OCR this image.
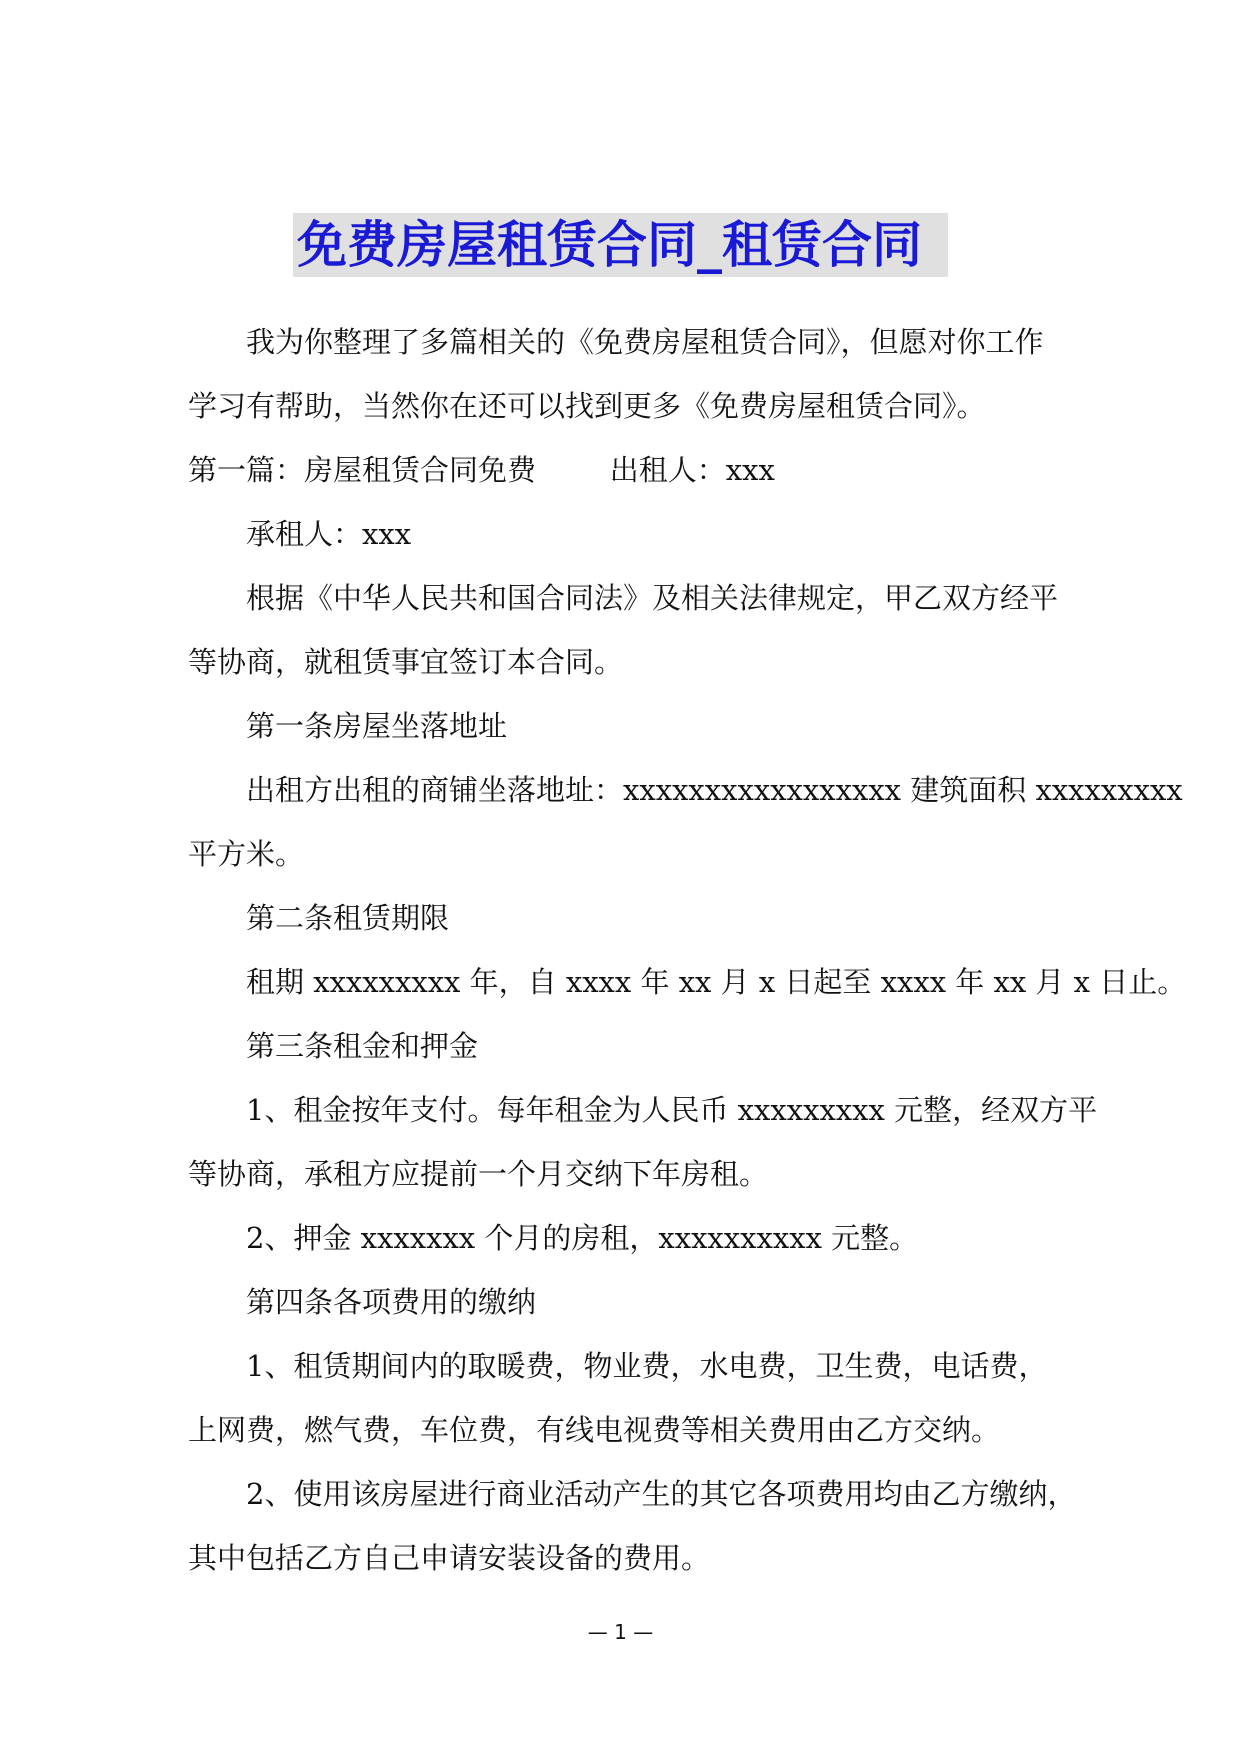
免费房屋租赁合同_租赁合同

我为你整理了多篇相关的《免费房屋租赁合同》，但愿对你工作

学习有帮助，当然你在还可以找到更多《免费房屋租赁合同》。

第一篇：房屋租赁合同免费        出租人：xxx

承租人：xxx

根据《中华人民共和国合同法》及相关法律规定，甲乙双方经平

等协商，就租赁事宜签订本合同。

第一条房屋坐落地址

出租方出租的商铺坐落地址：xxxxxxxxxxxxxxxxx 建筑面积 xxxxxxxxx

平方米。

第二条租赁期限

租期 xxxxxxxxx 年，自 xxxx 年 xx 月 x 日起至 xxxx 年 xx 月 x 日止。

第三条租金和押金

1、租金按年支付。每年租金为人民币 xxxxxxxxx 元整，经双方平

等协商，承租方应提前一个月交纳下年房租。

2、押金 xxxxxxx 个月的房租，xxxxxxxxxx 元整。

第四条各项费用的缴纳

1、租赁期间内的取暖费，物业费，水电费，卫生费，电话费，

上网费，燃气费，车位费，有线电视费等相关费用由乙方交纳。

2、使用该房屋进行商业活动产生的其它各项费用均由乙方缴纳，

其中包括乙方自己申请安装设备的费用。

— 1 —
